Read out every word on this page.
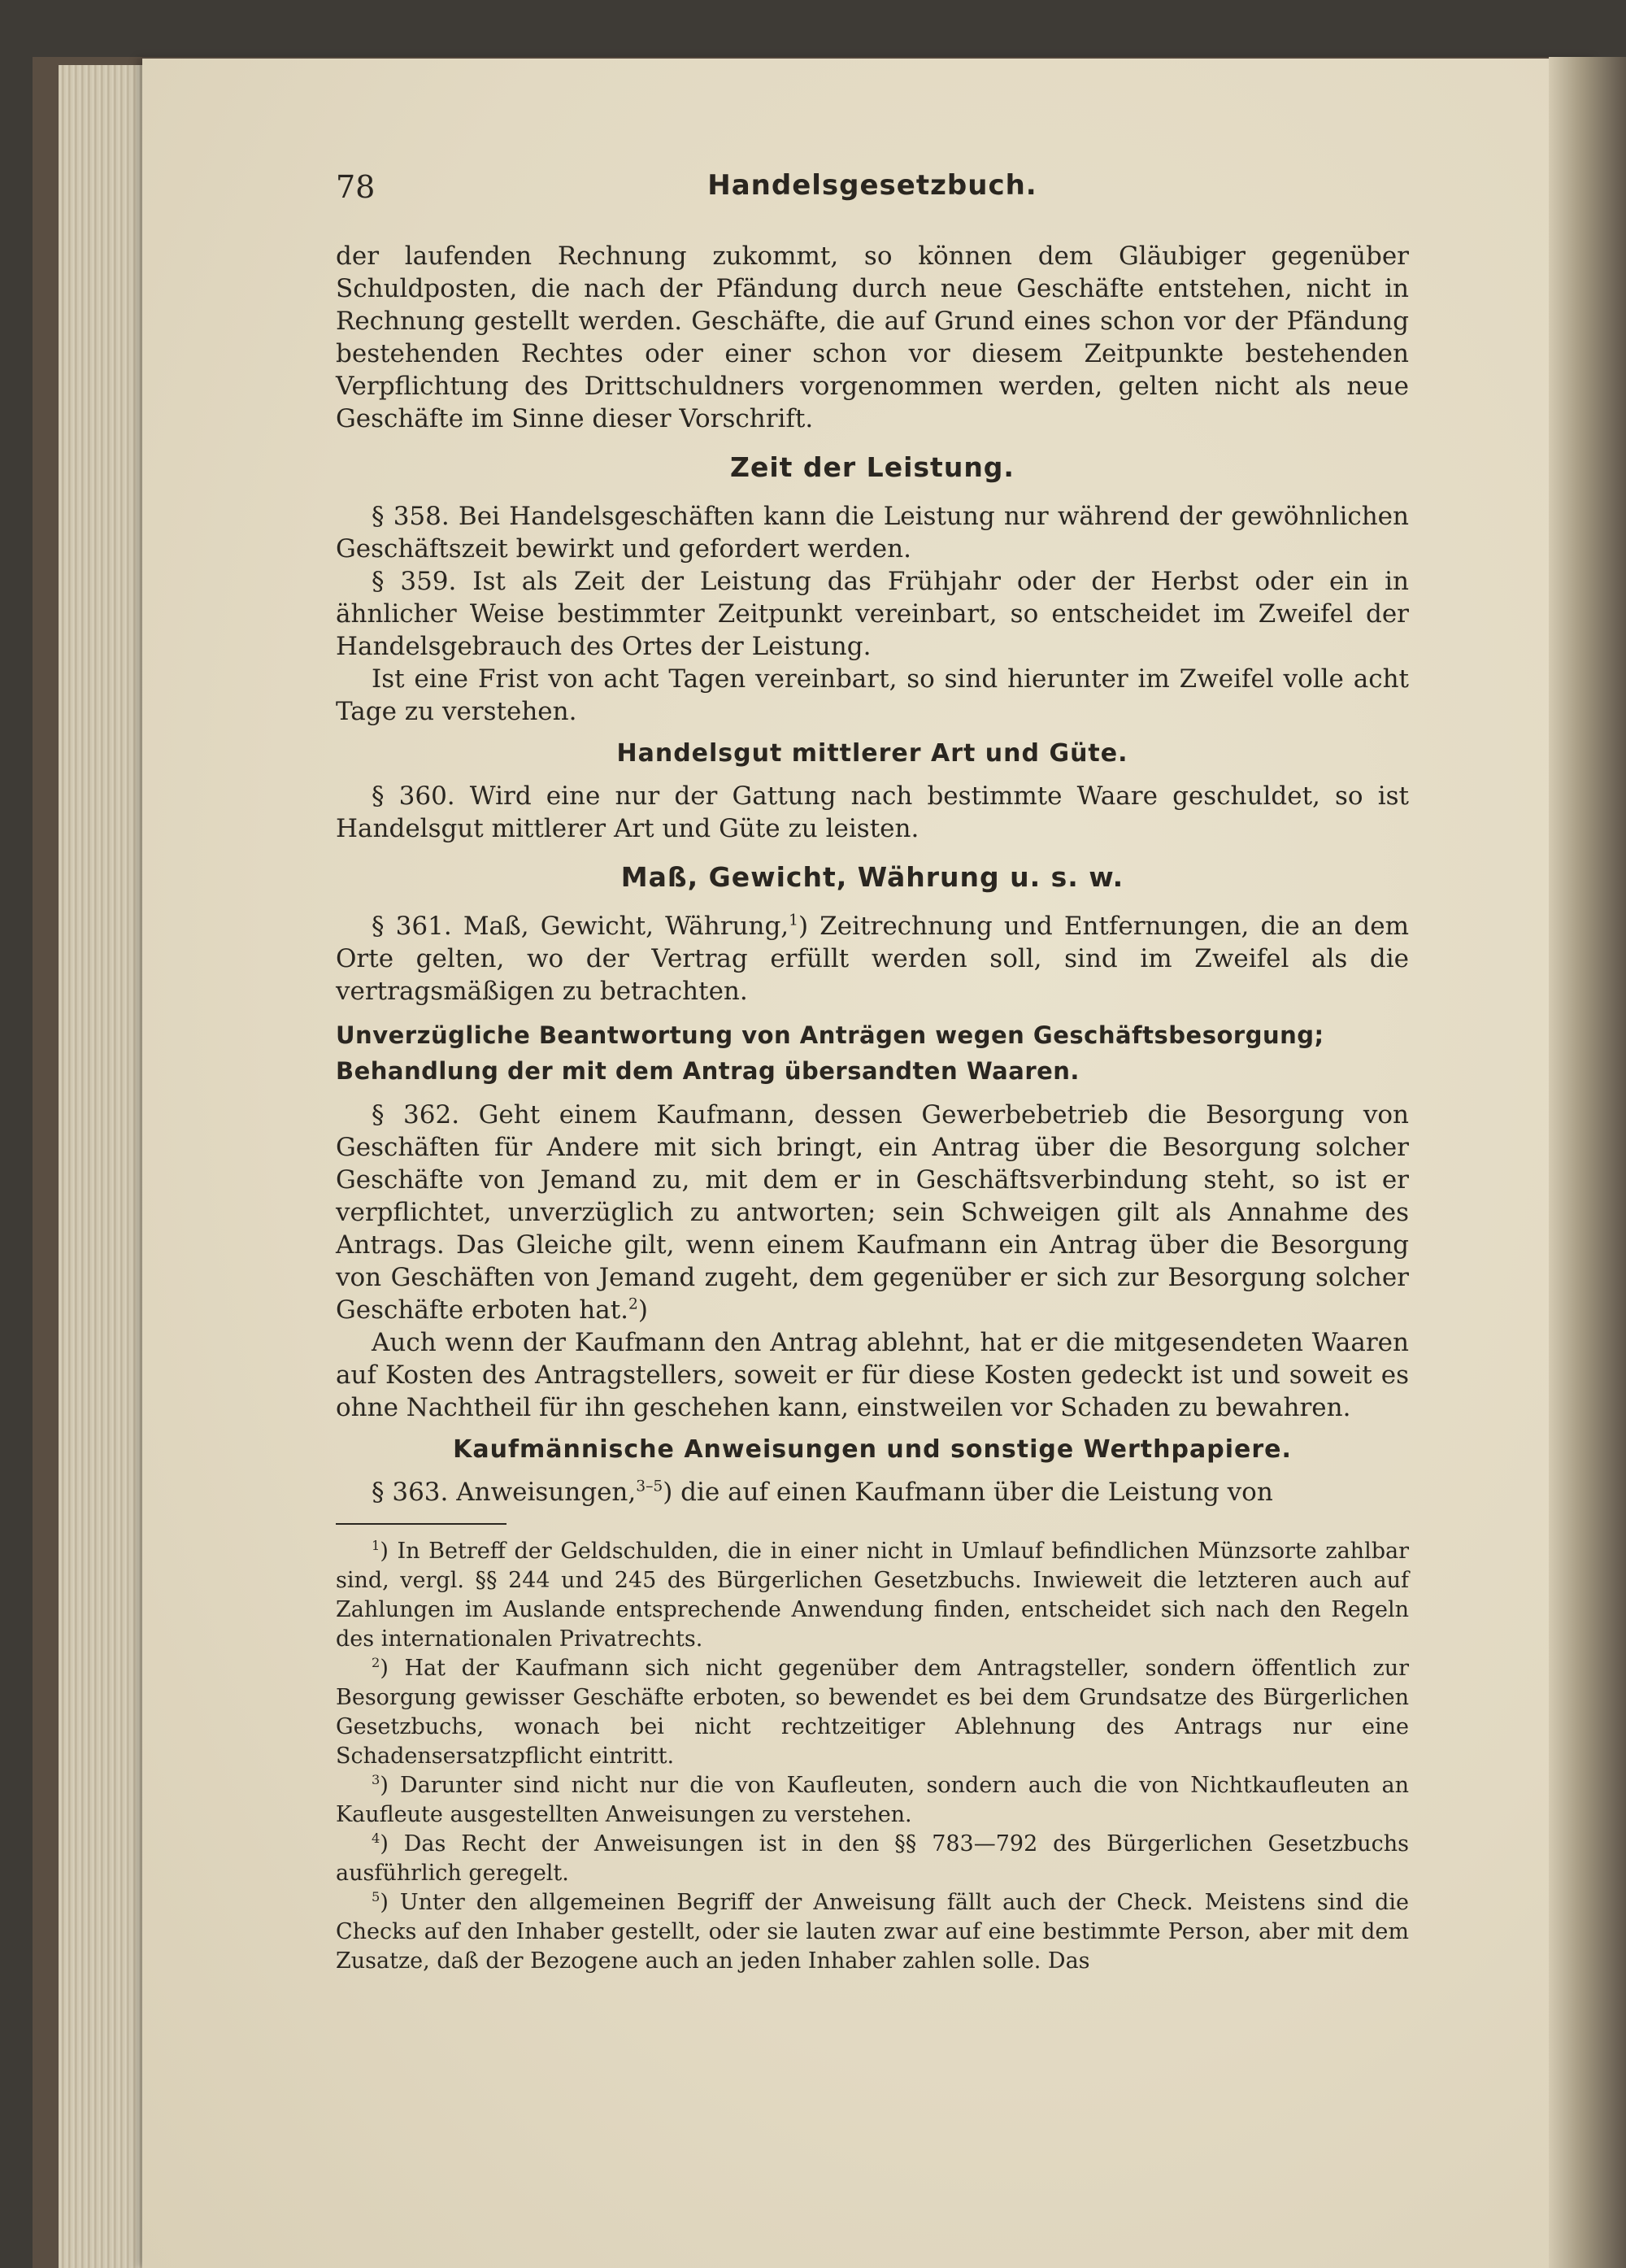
78	Handelsgesetzbuch.

der laufenden Rechnung zukommt, so können dem Gläubiger gegenüber Schuldposten, die nach der Pfändung durch neue Geschäfte entstehen, nicht in Rechnung gestellt werden. Geschäfte, die auf Grund eines schon vor der Pfändung bestehenden Rechtes oder einer schon vor diesem Zeitpunkte bestehenden Verpflichtung des Drittschuldners vorgenommen werden, gelten nicht als neue Geschäfte im Sinne dieser Vorschrift.

Zeit der Leistung.

§ 358. Bei Handelsgeschäften kann die Leistung nur während der gewöhnlichen Geschäftszeit bewirkt und gefordert werden.

§ 359. Ist als Zeit der Leistung das Frühjahr oder der Herbst oder ein in ähnlicher Weise bestimmter Zeitpunkt vereinbart, so entscheidet im Zweifel der Handelsgebrauch des Ortes der Leistung.

Ist eine Frist von acht Tagen vereinbart, so sind hierunter im Zweifel volle acht Tage zu verstehen.

Handelsgut mittlerer Art und Güte.

§ 360. Wird eine nur der Gattung nach bestimmte Waare geschuldet, so ist Handelsgut mittlerer Art und Güte zu leisten.

Maß, Gewicht, Währung u. s. w.

§ 361. Maß, Gewicht, Währung,$^1$) Zeitrechnung und Entfernungen, die an dem Orte gelten, wo der Vertrag erfüllt werden soll, sind im Zweifel als die vertragsmäßigen zu betrachten.

Unverzügliche Beantwortung von Anträgen wegen Geschäftsbesorgung; Behandlung der mit dem Antrag übersandten Waaren.

§ 362. Geht einem Kaufmann, dessen Gewerbebetrieb die Besorgung von Geschäften für Andere mit sich bringt, ein Antrag über die Besorgung solcher Geschäfte von Jemand zu, mit dem er in Geschäftsverbindung steht, so ist er verpflichtet, unverzüglich zu antworten; sein Schweigen gilt als Annahme des Antrags. Das Gleiche gilt, wenn einem Kaufmann ein Antrag über die Besorgung von Geschäften von Jemand zugeht, dem gegenüber er sich zur Besorgung solcher Geschäfte erboten hat.$^2$)

Auch wenn der Kaufmann den Antrag ablehnt, hat er die mitgesendeten Waaren auf Kosten des Antragstellers, soweit er für diese Kosten gedeckt ist und soweit es ohne Nachtheil für ihn geschehen kann, einstweilen vor Schaden zu bewahren.

Kaufmännische Anweisungen und sonstige Werthpapiere.

§ 363. Anweisungen,$^{3-5}$) die auf einen Kaufmann über die Leistung von

$^1$) In Betreff der Geldschulden, die in einer nicht in Umlauf befindlichen Münzsorte zahlbar sind, vergl. §§ 244 und 245 des Bürgerlichen Gesetzbuchs. Inwieweit die letzteren auch auf Zahlungen im Auslande entsprechende Anwendung finden, entscheidet sich nach den Regeln des internationalen Privatrechts.

$^2$) Hat der Kaufmann sich nicht gegenüber dem Antragsteller, sondern öffentlich zur Besorgung gewisser Geschäfte erboten, so bewendet es bei dem Grundsatze des Bürgerlichen Gesetzbuchs, wonach bei nicht rechtzeitiger Ablehnung des Antrags nur eine Schadensersatzpflicht eintritt.

$^3$) Darunter sind nicht nur die von Kaufleuten, sondern auch die von Nichtkaufleuten an Kaufleute ausgestellten Anweisungen zu verstehen.

$^4$) Das Recht der Anweisungen ist in den §§ 783—792 des Bürgerlichen Gesetzbuchs ausführlich geregelt.

$^5$) Unter den allgemeinen Begriff der Anweisung fällt auch der Check. Meistens sind die Checks auf den Inhaber gestellt, oder sie lauten zwar auf eine bestimmte Person, aber mit dem Zusatze, daß der Bezogene auch an jeden Inhaber zahlen solle. Das
